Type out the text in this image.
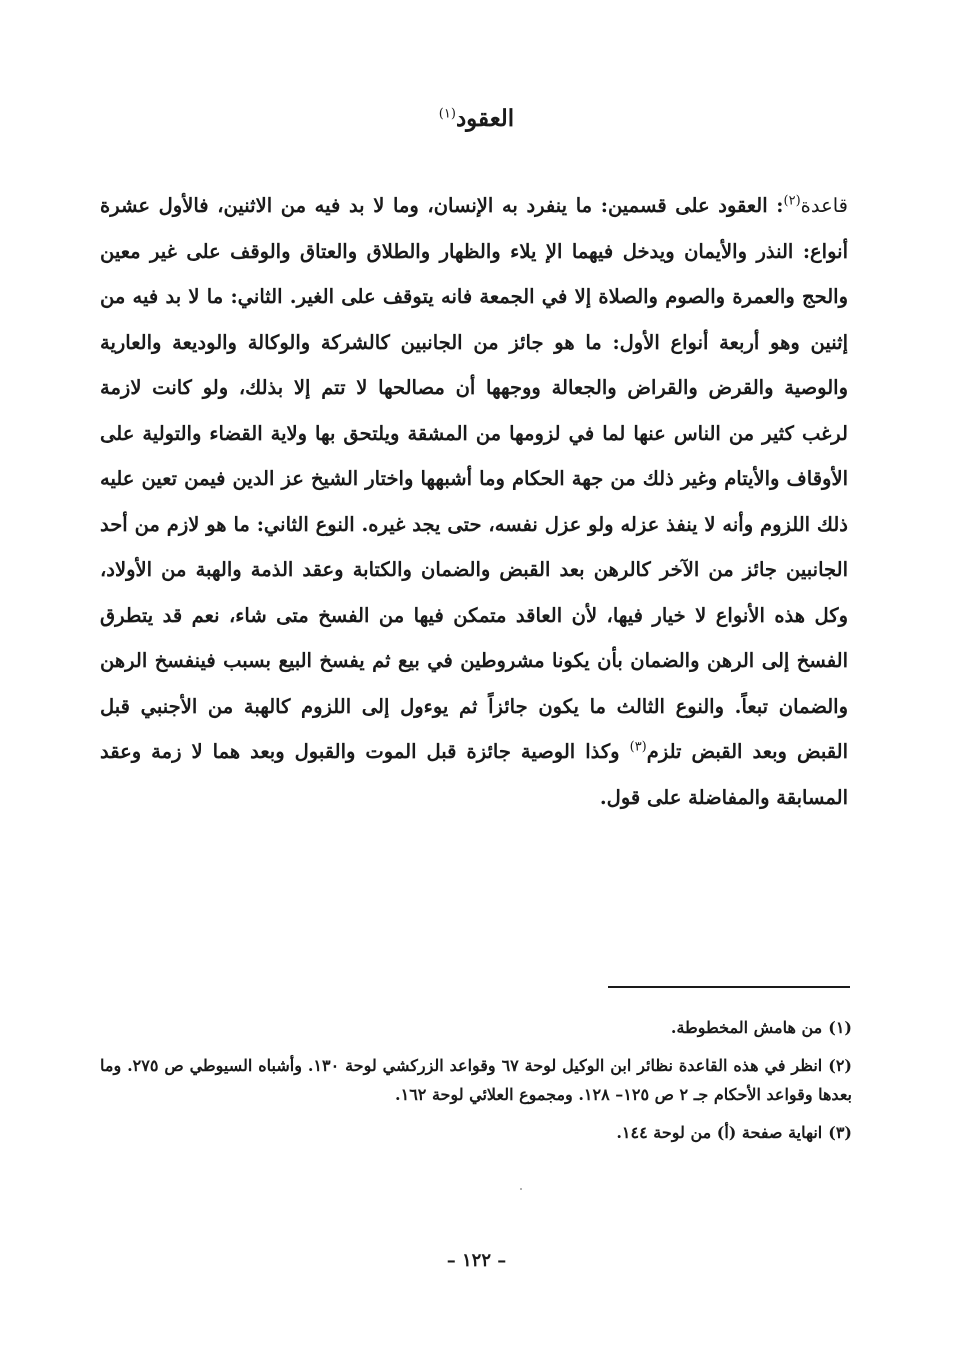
العقود$^{(١)}$
قاعدة$^{(٢)}$: العقود على قسمين: ما ينفرد به الإنسان، وما لا بد فيه من الاثنين، فالأول عشرة أنواع: النذر والأيمان ويدخل فيهما الإ يلاء والظهار والطلاق والعتاق والوقف على غير معين والحج والعمرة والصوم والصلاة إلا في الجمعة فانه يتوقف على الغير. الثاني: ما لا بد فيه من إثنين وهو أربعة أنواع الأول: ما هو جائز من الجانبين كالشركة والوكالة والوديعة والعارية والوصية والقرض والقراض والجعالة ووجهها أن مصالحها لا تتم إلا بذلك، ولو كانت لازمة لرغب كثير من الناس عنها لما في لزومها من المشقة ويلتحق بها ولاية القضاء والتولية على الأوقاف والأيتام وغير ذلك من جهة الحكام وما أشبهها واختار الشيخ عز الدين فيمن تعين عليه ذلك اللزوم وأنه لا ينفذ عزله ولو عزل نفسه، حتى يجد غيره. النوع الثاني: ما هو لازم من أحد الجانبين جائز من الآخر كالرهن بعد القبض والضمان والكتابة وعقد الذمة والهبة من الأولاد، وكل هذه الأنواع لا خيار فيها، لأن العاقد متمكن فيها من الفسخ متى شاء، نعم قد يتطرق الفسخ إلى الرهن والضمان بأن يكونا مشروطين في بيع ثم يفسخ البيع بسبب فينفسخ الرهن والضمان تبعاً. والنوع الثالث ما يكون جائزاً ثم يوءول إلى اللزوم كالهبة من الأجنبي قبل القبض وبعد القبض تلزم$^{(٣)}$ وكذا الوصية جائزة قبل الموت والقبول وبعد هما لا زمة وعقد المسابقة والمفاضلة على قول.

(١)من هامش المخطوطة.

(٢)انظر في هذه القاعدة نظائر ابن الوكيل لوحة ٦٧ وقواعد الزركشي لوحة ١٣٠. وأشباه السيوطي ص ٢٧٥. وما بعدها وقواعد الأحكام جـ ٢ ص ١٢٥– ١٢٨. ومجموع العلائي لوحة ١٦٢.

(٣)انهاية صفحة (أ) من لوحة ١٤٤.

– ١٢٢ –
